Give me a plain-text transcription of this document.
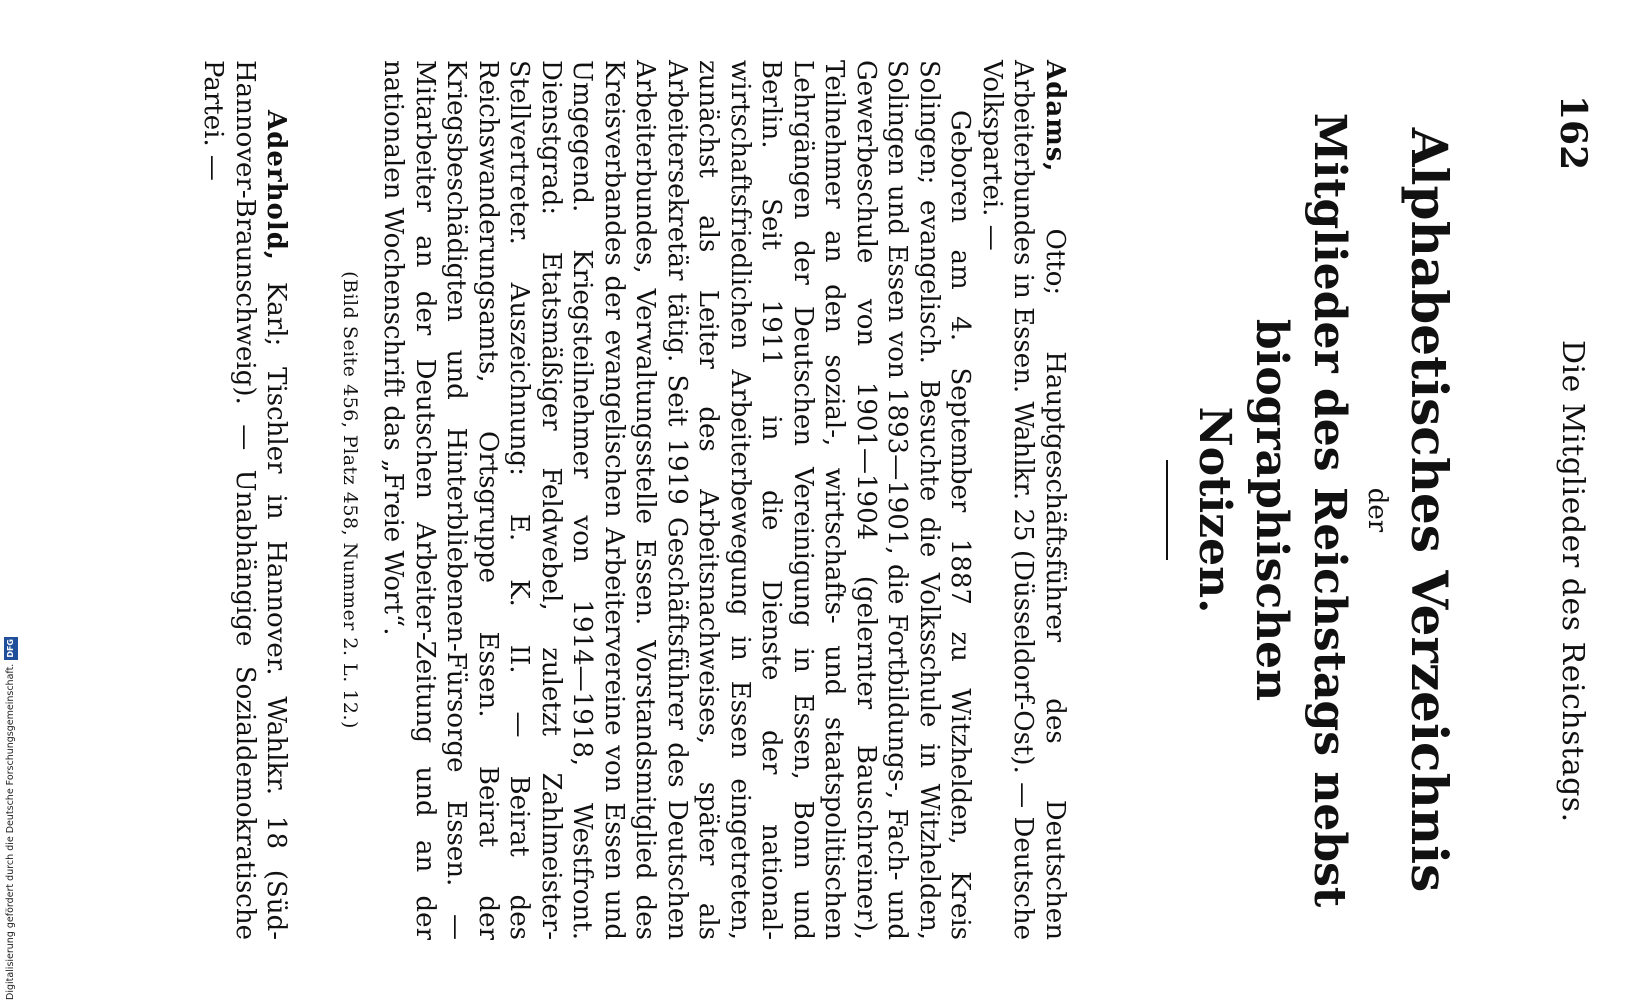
162
Die Mitglieder des Reichstags.
Alphabetisches Verzeichnis
der
Mitglieder des Reichstags nebst biographischen
Notizen.

Adams, Otto; Hauptgeschäftsführer des Deutschen Arbeiterbundes in Essen. Wahlkr. 25 (Düsseldorf-Ost). — Deutsche Volkspartei. —

Geboren am 4. September 1887 zu Witzhelden, Kreis Solingen; evangelisch. Besuchte die Volksschule in Witzhelden, Solingen und Essen von 1893—1901, die Fortbildungs-, Fach- und Gewerbeschule von 1901—1904 (gelernter Bauschreiner), Teilnehmer an den sozial-, wirtschafts- und staatspolitischen Lehrgängen der Deutschen Vereinigung in Essen, Bonn und Berlin. Seit 1911 in die Dienste der national-wirtschaftsfriedlichen Arbeiterbewegung in Essen eingetreten, zunächst als Leiter des Arbeitsnachweises, später als Arbeitersekretär tätig. Seit 1919 Geschäftsführer des Deutschen Arbeiterbundes, Verwaltungsstelle Essen. Vorstandsmitglied des Kreisverbandes der evangelischen Arbeitervereine von Essen und Umgegend. Kriegsteilnehmer von 1914—1918, Westfront. Dienstgrad: Etatsmäßiger Feldwebel, zuletzt Zahlmeister-Stellvertreter. Auszeichnung: E. K. II. — Beirat des Reichswanderungsamts, Ortsgruppe Essen. Beirat der Kriegsbeschädigten und Hinterbliebenen-Fürsorge Essen. — Mitarbeiter an der Deutschen Arbeiter-Zeitung und an der nationalen Wochenschrift das „Freie Wort“.

(Bild Seite 456, Platz 458, Nummer 2. L. 12.)

Aderhold, Karl; Tischler in Hannover. Wahlkr. 18 (Süd-Hannover-Braunschweig). — Unabhängige Sozialdemokratische Partei. —

Digitalisierung gefördert durch die Deutsche Forschungsgemeinschaft.DFG
